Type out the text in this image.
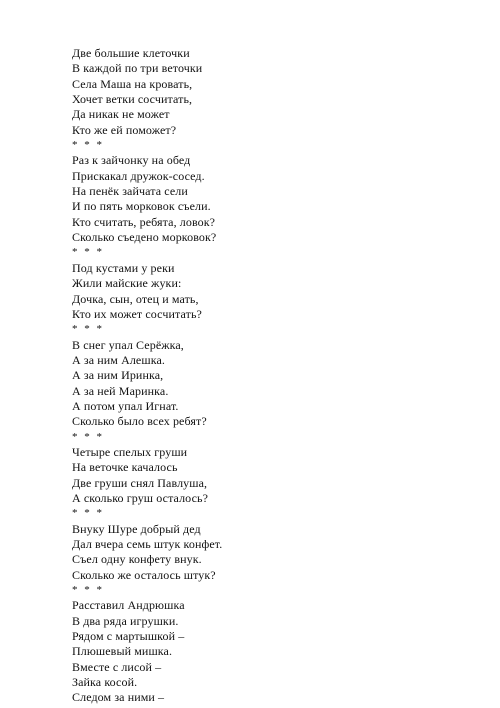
Две большие клеточки
В каждой по три веточки
Села Маша на кровать,
Хочет ветки сосчитать,
Да никак не может
Кто же ей поможет?
* * *
Раз к зайчонку на обед
Прискакал дружок-сосед.
На пенёк зайчата сели
И по пять морковок съели.
Кто считать, ребята, ловок?
Сколько съедено морковок?
* * *
Под кустами у реки
Жили майские жуки:
Дочка, сын, отец и мать,
Кто их может сосчитать?
* * *
В снег упал Серёжка,
А за ним Алешка.
А за ним Иринка,
А за ней Маринка.
А потом упал Игнат.
Сколько было всех ребят?
* * *
Четыре спелых груши
На веточке качалось
Две груши снял Павлуша,
А сколько груш осталось?
* * *
Внуку Шуре добрый дед
Дал вчера семь штук конфет.
Съел одну конфету внук.
Сколько же осталось штук?
* * *
Расставил Андрюшка
В два ряда игрушки.
Рядом с мартышкой –
Плюшевый мишка.
Вместе с лисой –
Зайка косой.
Следом за ними –
